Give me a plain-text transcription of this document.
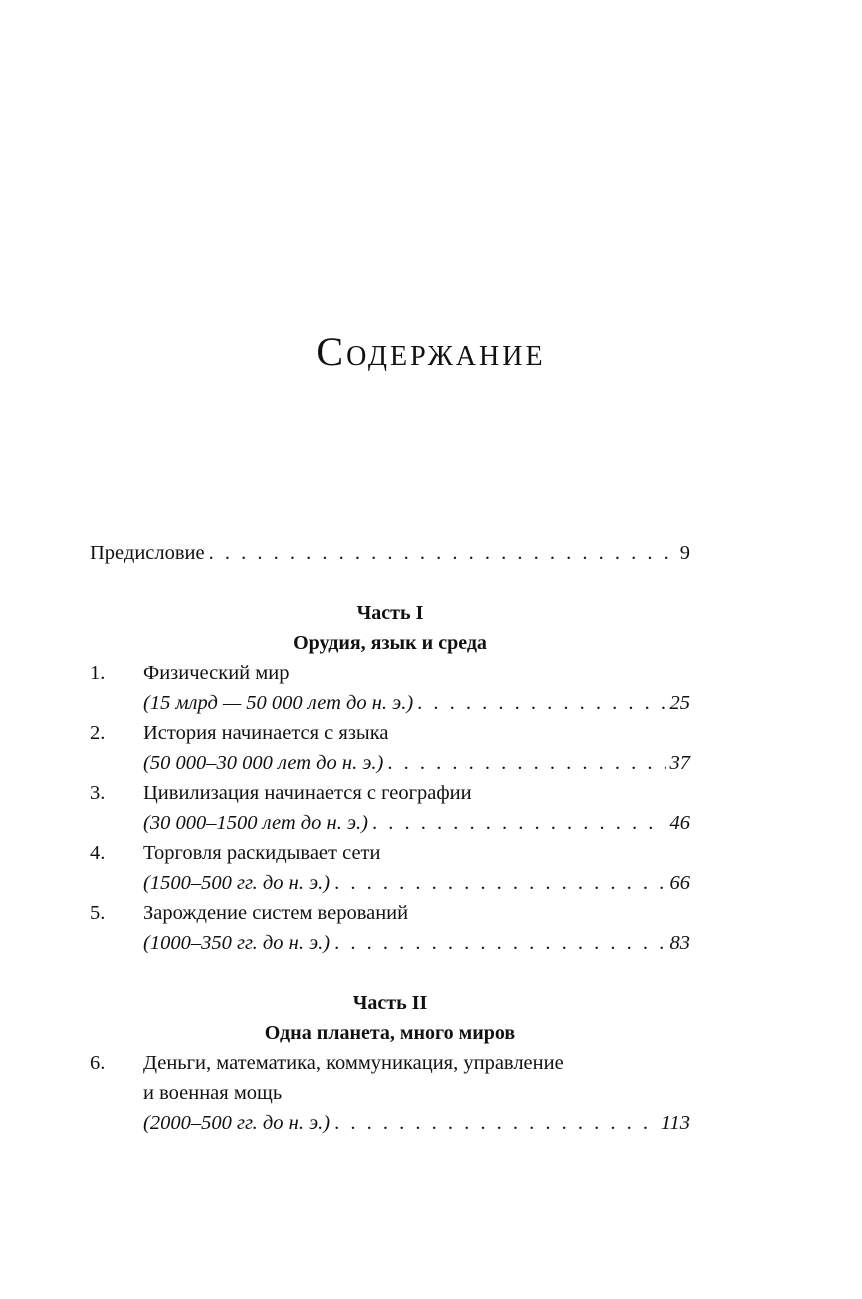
Содержание
Предисловие . . .	9
Часть I
Орудия, язык и среда
1.	Физический мир
(15 млрд — 50 000 лет до н. э.) . . .	25
2.	История начинается с языка
(50 000–30 000 лет до н. э.) . . .	37
3.	Цивилизация начинается с географии
(30 000–1500 лет до н. э.) . . .	46
4.	Торговля раскидывает сети
(1500–500 гг. до н. э.) . . .	66
5.	Зарождение систем верований
(1000–350 гг. до н. э.) . . .	83
Часть II
Одна планета, много миров
6.	Деньги, математика, коммуникация, управление
и военная мощь
(2000–500 гг. до н. э.) . . .	113
